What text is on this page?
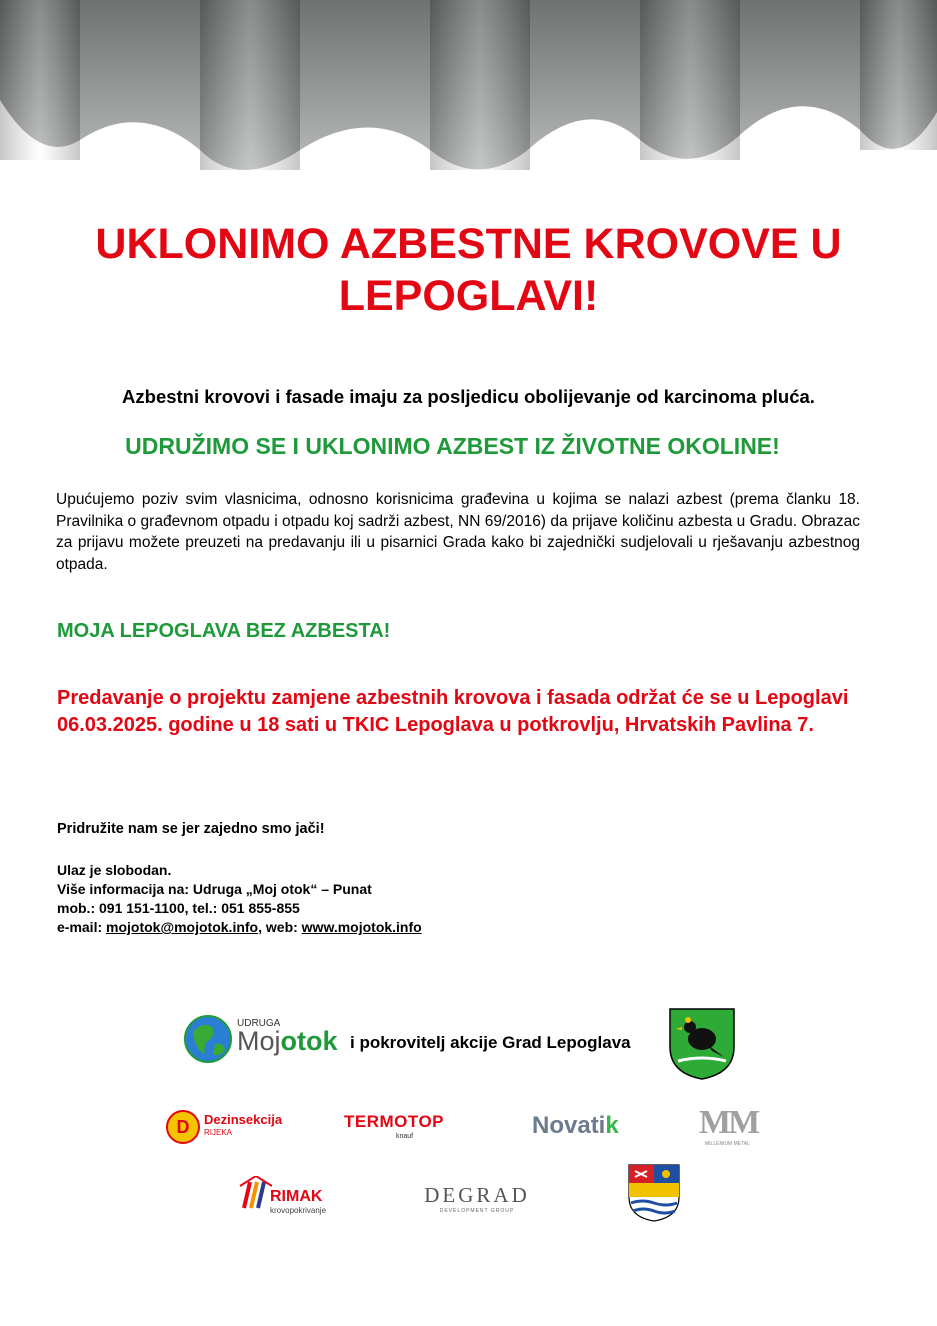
UKLONIMO AZBESTNE KROVOVE U LEPOGLAVI!
Azbestni krovovi i fasade imaju za posljedicu obolijevanje od karcinoma pluća.
UDRUŽIMO SE I UKLONIMO AZBEST IZ ŽIVOTNE OKOLINE!

Upućujemo poziv svim vlasnicima, odnosno korisnicima građevina u kojima se nalazi azbest (prema članku 18. Pravilnika o građevnom otpadu i otpadu koj sadrži azbest, NN 69/2016) da prijave količinu azbesta u Gradu. Obrazac za prijavu možete preuzeti na predavanju ili u pisarnici Grada kako bi zajednički sudjelovali u rješavanju azbestnog otpada.

MOJA LEPOGLAVA BEZ AZBESTA!

Predavanje o projektu zamjene azbestnih krovova i fasada održat će se u Lepoglavi 06.03.2025. godine u 18 sati u TKIC Lepoglava u potkrovlju, Hrvatskih Pavlina 7.

Pridružite nam se jer zajedno smo jači!
Ulaz je slobodan.
Više informacija na: Udruga „Moj otok“ – Punat
mob.: 091 151-1100, tel.: 051 855-855
e-mail: mojotok@mojotok.info, web: www.mojotok.info
UDRUGA
Mojotok i pokrovitelj akcije Grad Lepoglava
D	Dezinsekcija
RIJEKA
TERMOTOP
knauf	Novatik MM
MILLENIUM METAL
RIMAK
krovopokrivanje
DEGRAD
DEVELOPMENT GROUP
